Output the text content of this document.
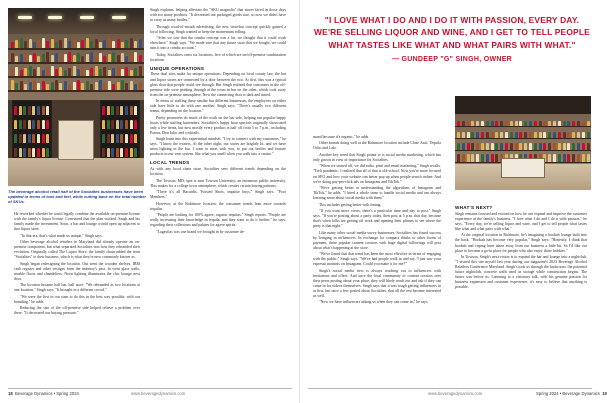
The beverage alcohol retail half of the Socialites businesses have been updated in terms of look and feel, while cutting back on the total number of SKUs.

He reworked whether he could legally combine the available on-premise license with the family's liquor license. Convinced that the plan worked, Singh and his family made the investment. Soon, a bar and lounge would open up adjacent to that liquor store.

"In that era, that's what made us unique," Singh says.

Other beverage alcohol retailers in Maryland did already operate an on-premise component, but what separated Socialites was how they rebranded their evolution. Originally called The Liquor Store, the family chain added the term "Socialites" to their business, which is what they're now commonly known as.

Singh began redesigning the location. Out went the wooden shelves, IBM cash register and other vestiges from the industry's past. In went glass walls, marble floors and chandeliers. Neon lighting illuminates the chic lounge next door.

The location became half bar, half store. "We rebranded as two locations at one location," Singh says. "It brought in a different crowd."

"We were the first in our state to do this in the best way possible, with our branding," he adds.

Reducing the size of the off-premise side helped relieve a problem over there. "It decreased our buying pressure,"

Singh explains, helping alleviate the "SKU magnolia" that stores faced in those days with too many products. "It decreased our packaged goods size, so now we didn't have to carry as many bottles."

Through word-of-mouth advertising, the new store/bar concept quickly gained a loyal following. Singh wanted to keep the momentum rolling.

"After we saw that the combo concept was a hit, we thought that it could work elsewhere," Singh says. "We made sure that any future store that we bought, we could turn it into a combo account."

Today, Socialites owns six locations, five of which are on/off-premise combination locations.

UNIQUE OPERATIONS

These dual sites make for unique operations. Depending on local county law, the bar and liquor stores are connected by a door between the two. At first, this was a typical glass door that people could see through. But Singh realized that customers in the off-premise side were peeking through at the room in bar on the other, which took away from the on-premise atmosphere. Now the connecting door is dark and tinted.

In terms of staffing these similar but different businesses, the employees on either side have little to do with one another. Singh says. "There's usually two different teams, depending on the location."

Purity promoters do much of the work on the bar side, helping run popular happy hours while staffing bartenders. Socialites's happy hour specials originally showcased only a few items, but now mostly every product is half off from 5 to 7 p.m., including Patron, Don Julio and cocktails.

Singh leans into this experiential mindset. "I try to connect with my customers," he says. "I know the owners. At the other night, our stores are brightly lit, and we have neon lighting in the bar. I want to meet with you, to put out bottles and feature products in our vent system, like what you smell when you walk into a casino."

LOCAL TRENDS

As with any local chain store, Socialites sees different trends depending on the location.

The Towson, MD, spot is near Towson University, an enormous public university. This makes for a college town atmosphere, which creates certain buying patterns.

"There it's all Bacardis, Twisted Shots, impulse buys," Singh says. "Poor Members."

However, at the Baltimore location, the consumer trends lean more towards tequilas.

"People are looking for 100% agave, organic tequilas," Singh reports. "People are really increasing their knowledge in tequila, and they want to do it further," he says, regarding their collections and palates for agave spirits.

"Lagavilas was one brand we brought in by customer de-

18 Beverage Dynamics • Spring 2024	www.beveragedynamics.com
"I LOVE WHAT I DO AND I DO IT WITH PASSION, EVERY DAY.
WE'RE SELLING LIQUOR AND WINE, AND I GET TO TELL PEOPLE
WHAT TASTES LIKE WHAT AND WHAT PAIRS WITH WHAT."
— GUNDEEP "G" SINGH, OWNER

mand because it's organic," he adds.

Other brands doing well at the Baltimore location include Clase Azul, Tequila Ocho and Lalo.

Another key trend that Singh points to is social media marketing, which has only grown in view of importance for Socialites.

"When we started off, we did radio, print and email marketing," Singh recalls. "Tech pandemic, I realized that all of that is old-school. Now you're more focused on SEO and how your website can better pop up when people search online. And we're doing pay-per-click ads on Instagram and TikTok."

"We're getting better at understanding the algorithms of Instagram and TikTok," he adds. "I hired a whole team to handle social media and am always learning more about social media with them."

This includes getting better with timing.

"If you want more views, there's a particular time and day to post," Singh says. "If you're posting about a party today, then post at 5 p.m. that day, because that's when folks are getting off work and opening their phones to see where the party is that night."

Like many other social media-savvy businesses, Socialites has found success by bringing in influencers. In exchange for compact drinks or other forms of payment, these popular content creators with huge digital followings will post about what's happening at the store.

"We've found that that trend has been the most effective in terms of engaging with the public," Singh says. "We've had people walk in and say, 'I just saw your espresso martinis on Instagram. Could you make it for me?'"

Singh's social media tiers is always reaching out to influencers with invitations and offers. And once the local community of content creators sees their peers posting about your place, they will likely reach out and ask if they can come in for videos themselves. Singh says that it was tough getting influencers in at first, but once a few posted about Socialites, that all the rest became interested as well.

"Now we have influencers asking us when they can come in," he says.

WHAT'S NEXT?

Singh remains focused and excited on how he can expand and improve the customer experience at the family's business. "I love what I do and I do it with passion," he says. "Every day, we're selling liquor and wine, and I get to tell people what tastes like what and what pairs with what."

At the original location in Baltimore, he's imagining a hookah lounge built into the back. "Hookah has become very popular," Singh says. "Honestly, I think that hookah and vaping have taken away from our business a little bit. So I'd like our place to become a go-to place for people who also enjoy those hobbies."

In Towson, Singh's next vision is to expand the bar and lounge into a nightclub. "I visited this site myself last year during our magazine's 2023 Beverage Alcohol Retailers Conference Maryland. Singh's took us through the backroom, the potential future nightclub, concrete walls used as storage while construction begins. The future was before us. Listening to a visionary talk, with his genuine passion for business expansion and customer experience, it's easy to believe that anything is possible.

www.beveragedynamics.com	Spring 2024 • Beverage Dynamics 19
